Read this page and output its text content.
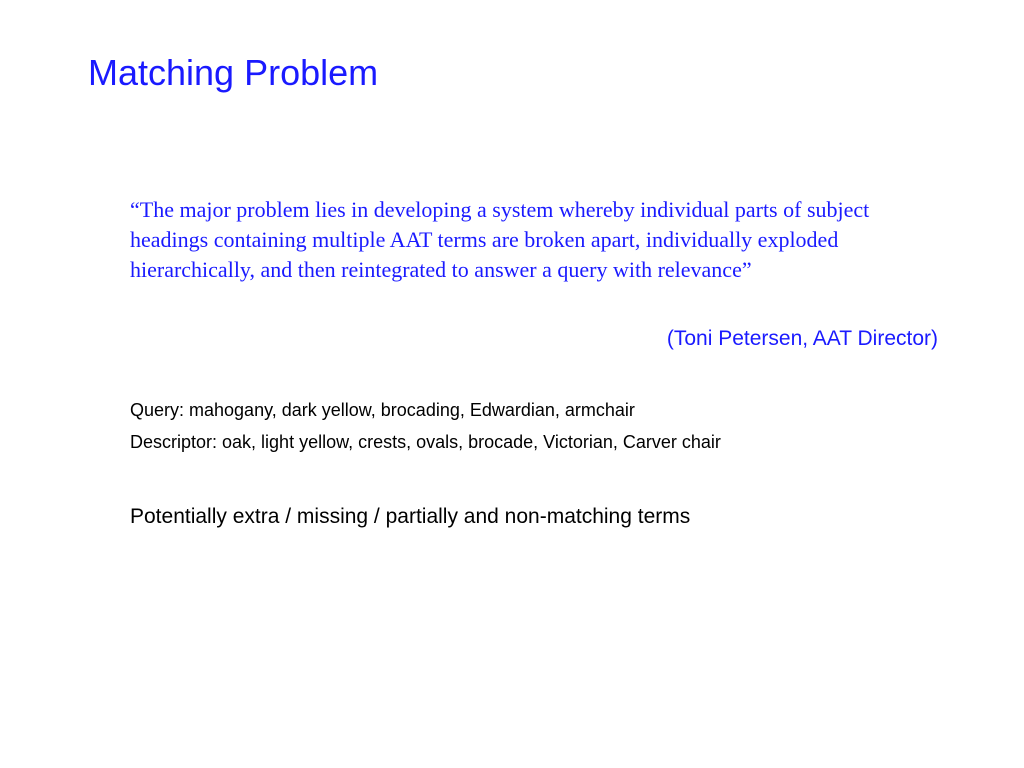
Matching Problem

“The major problem lies in developing a system whereby individual parts of subject headings containing multiple AAT terms are broken apart, individually exploded hierarchically, and then reintegrated to answer a query with relevance”

(Toni Petersen, AAT Director)

Query: mahogany, dark yellow, brocading, Edwardian, armchair

Descriptor: oak, light yellow, crests, ovals, brocade, Victorian, Carver chair

Potentially extra / missing / partially and non-matching terms
